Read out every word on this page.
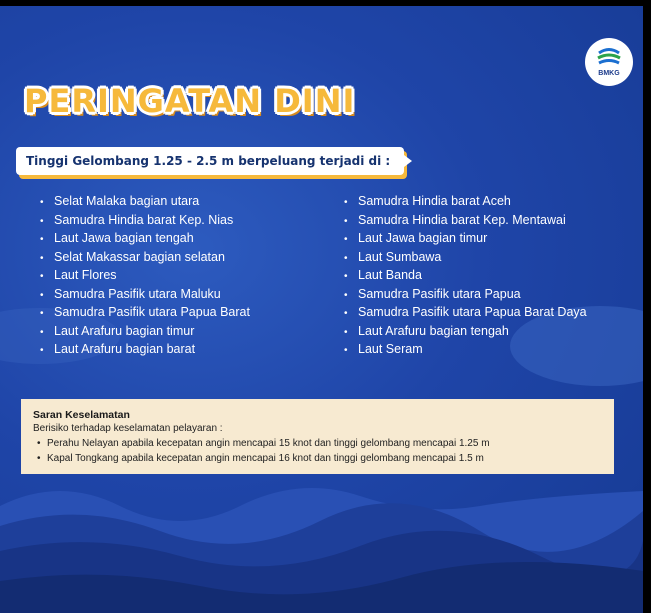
BMKG
PERINGATAN DINI
Tinggi Gelombang 1.25 - 2.5 m berpeluang terjadi di :
• Selat Malaka bagian utara
• Samudra Hindia barat Kep. Nias
• Laut Jawa bagian tengah
• Selat Makassar bagian selatan
• Laut Flores
• Samudra Pasifik utara Maluku
• Samudra Pasifik utara Papua Barat
• Laut Arafuru bagian timur
• Laut Arafuru bagian barat
• Samudra Hindia barat Aceh
• Samudra Hindia barat Kep. Mentawai
• Laut Jawa bagian timur
• Laut Sumbawa
• Laut Banda
• Samudra Pasifik utara Papua
• Samudra Pasifik utara Papua Barat Daya
• Laut Arafuru bagian tengah
• Laut Seram
Saran Keselamatan
Berisiko terhadap keselamatan pelayaran :
• Perahu Nelayan apabila kecepatan angin mencapai 15 knot dan tinggi gelombang mencapai 1.25 m
• Kapal Tongkang apabila kecepatan angin mencapai 16 knot dan tinggi gelombang mencapai 1.5 m
